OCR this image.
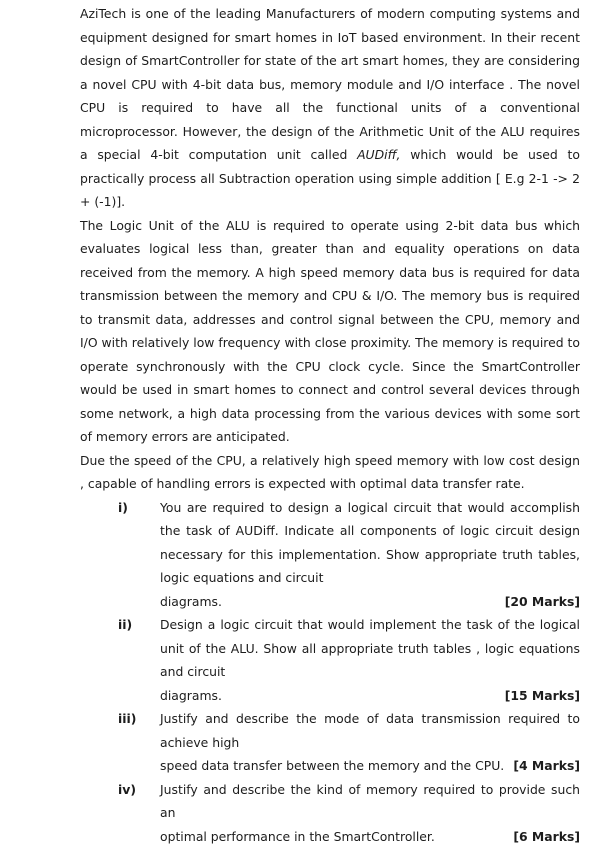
AziTech is one of the leading Manufacturers of modern computing systems and equipment designed for smart homes in IoT based environment. In their recent design of SmartController for state of the art smart homes, they are considering a novel CPU with 4-bit data bus, memory module and I/O interface . The novel CPU is required to have all the functional units of a conventional microprocessor. However, the design of the Arithmetic Unit of the ALU requires a special 4-bit computation unit called AUDiff, which would be used to practically process all Subtraction operation using simple addition [ E.g 2-1 -> 2 + (-1)].

The Logic Unit of the ALU is required to operate using 2-bit data bus which evaluates logical less than, greater than and equality operations on data received from the memory. A high speed memory data bus is required for data transmission between the memory and CPU & I/O. The memory bus is required to transmit data, addresses and control signal between the CPU, memory and I/O with relatively low frequency with close proximity. The memory is required to operate synchronously with the CPU clock cycle. Since the SmartController would be used in smart homes to connect and control several devices through some network, a high data processing from the various devices with some sort of memory errors are anticipated.

Due the speed of the CPU, a relatively high speed memory with low cost design , capable of handling errors is expected with optimal data transfer rate.

i)	You are required to design a logical circuit that would accomplish the task of AUDiff. Indicate all components of logic circuit design necessary for this implementation. Show appropriate truth tables, logic equations and circuit
diagrams.	[20 Marks]
ii) Design a logic circuit that would implement the task of the logical unit of the ALU. Show all appropriate truth tables , logic equations and circuit
diagrams.	[15 Marks]
iii) Justify and describe the mode of data transmission required to achieve high
speed data transfer between the memory and the CPU. [4 Marks]
iv) Justify and describe the kind of memory required to provide such an
optimal performance in the SmartController.	[6 Marks]
